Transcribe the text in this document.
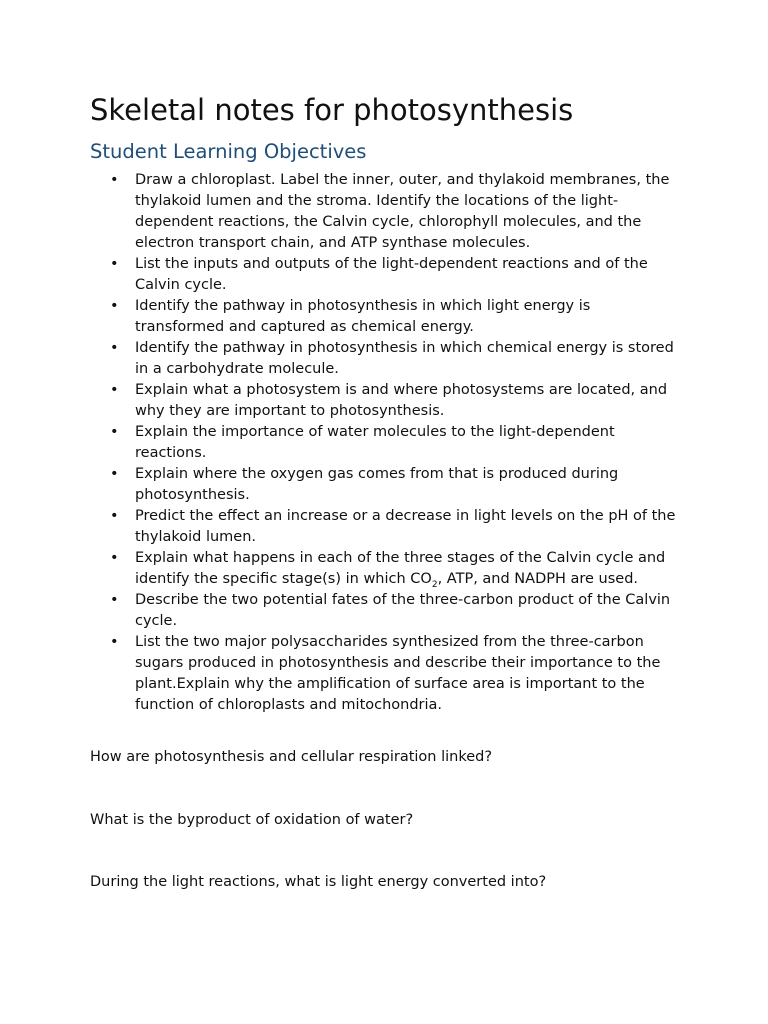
Skeletal notes for photosynthesis
Student Learning Objectives
• Draw a chloroplast. Label the inner, outer, and thylakoid membranes, the thylakoid lumen and the stroma. Identify the locations of the light-dependent reactions, the Calvin cycle, chlorophyll molecules, and the electron transport chain, and ATP synthase molecules.
• List the inputs and outputs of the light-dependent reactions and of the Calvin cycle.
• Identify the pathway in photosynthesis in which light energy is transformed and captured as chemical energy.
• Identify the pathway in photosynthesis in which chemical energy is stored in a carbohydrate molecule.
• Explain what a photosystem is and where photosystems are located, and why they are important to photosynthesis.
• Explain the importance of water molecules to the light-dependent reactions.
• Explain where the oxygen gas comes from that is produced during photosynthesis.
• Predict the effect an increase or a decrease in light levels on the pH of the thylakoid lumen.
• Explain what happens in each of the three stages of the Calvin cycle and identify the specific stage(s) in which $CO_2$, ATP, and NADPH are used.
• Describe the two potential fates of the three-carbon product of the Calvin cycle.
• List the two major polysaccharides synthesized from the three-carbon sugars produced in photosynthesis and describe their importance to the plant.Explain why the amplification of surface area is important to the function of chloroplasts and mitochondria.

How are photosynthesis and cellular respiration linked?

What is the byproduct of oxidation of water?

During the light reactions, what is light energy converted into?
